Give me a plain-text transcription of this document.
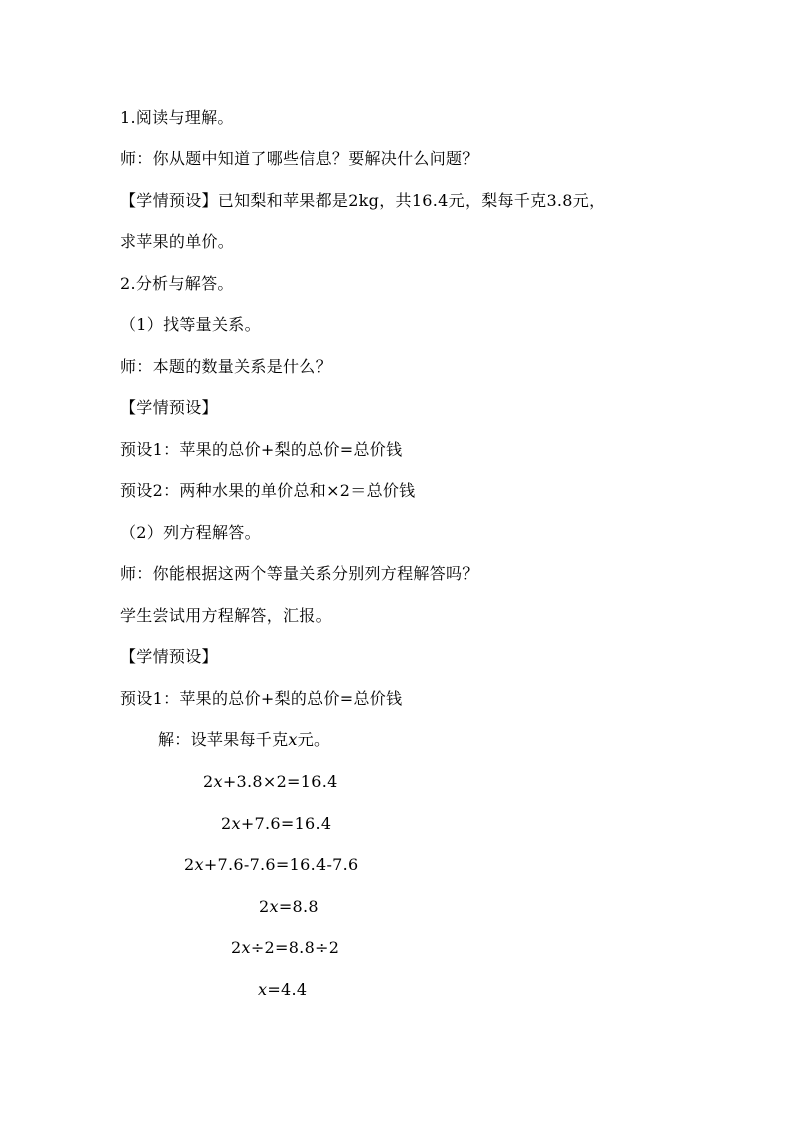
1.阅读与理解。
师：你从题中知道了哪些信息？要解决什么问题？
【学情预设】已知梨和苹果都是2kg，共16.4元，梨每千克3.8元，
求苹果的单价。
2.分析与解答。
（1）找等量关系。
师：本题的数量关系是什么？
【学情预设】
预设1：苹果的总价+梨的总价=总价钱
预设2：两种水果的单价总和×2＝总价钱
（2）列方程解答。
师：你能根据这两个等量关系分别列方程解答吗？
学生尝试用方程解答，汇报。
【学情预设】
预设1：苹果的总价+梨的总价=总价钱
解：设苹果每千克x元。
2x+3.8×2=16.4
2x+7.6=16.4
2x+7.6-7.6=16.4-7.6
2x=8.8
2x÷2=8.8÷2
x=4.4
